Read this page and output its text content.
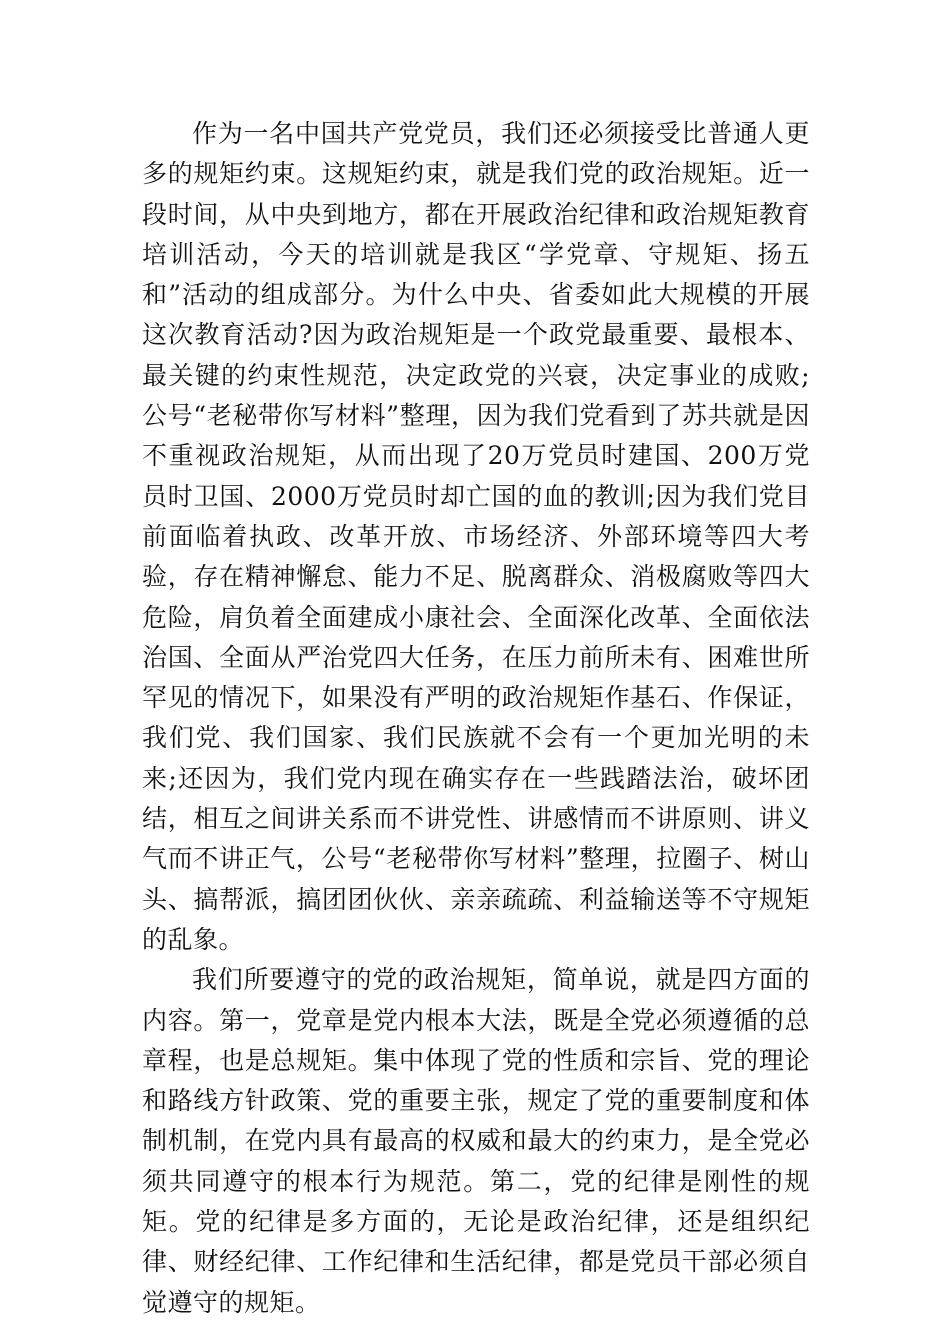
作为一名中国共产党党员，我们还必须接受比普通人更多的规矩约束。这规矩约束，就是我们党的政治规矩。近一段时间，从中央到地方，都在开展政治纪律和政治规矩教育培训活动，今天的培训就是我区“学党章、守规矩、扬五和”活动的组成部分。为什么中央、省委如此大规模的开展这次教育活动?因为政治规矩是一个政党最重要、最根本、最关键的约束性规范，决定政党的兴衰，决定事业的成败;公号“老秘带你写材料”整理，因为我们党看到了苏共就是因不重视政治规矩，从而出现了20万党员时建国、200万党员时卫国、2000万党员时却亡国的血的教训;因为我们党目前面临着执政、改革开放、市场经济、外部环境等四大考验，存在精神懈怠、能力不足、脱离群众、消极腐败等四大危险，肩负着全面建成小康社会、全面深化改革、全面依法治国、全面从严治党四大任务，在压力前所未有、困难世所罕见的情况下，如果没有严明的政治规矩作基石、作保证，我们党、我们国家、我们民族就不会有一个更加光明的未来;还因为，我们党内现在确实存在一些践踏法治，破坏团结，相互之间讲关系而不讲党性、讲感情而不讲原则、讲义气而不讲正气，公号“老秘带你写材料”整理，拉圈子、树山头、搞帮派，搞团团伙伙、亲亲疏疏、利益输送等不守规矩的乱象。

我们所要遵守的党的政治规矩，简单说，就是四方面的内容。第一，党章是党内根本大法，既是全党必须遵循的总章程，也是总规矩。集中体现了党的性质和宗旨、党的理论和路线方针政策、党的重要主张，规定了党的重要制度和体制机制，在党内具有最高的权威和最大的约束力，是全党必须共同遵守的根本行为规范。第二，党的纪律是刚性的规矩。党的纪律是多方面的，无论是政治纪律，还是组织纪律、财经纪律、工作纪律和生活纪律，都是党员干部必须自觉遵守的规矩。
